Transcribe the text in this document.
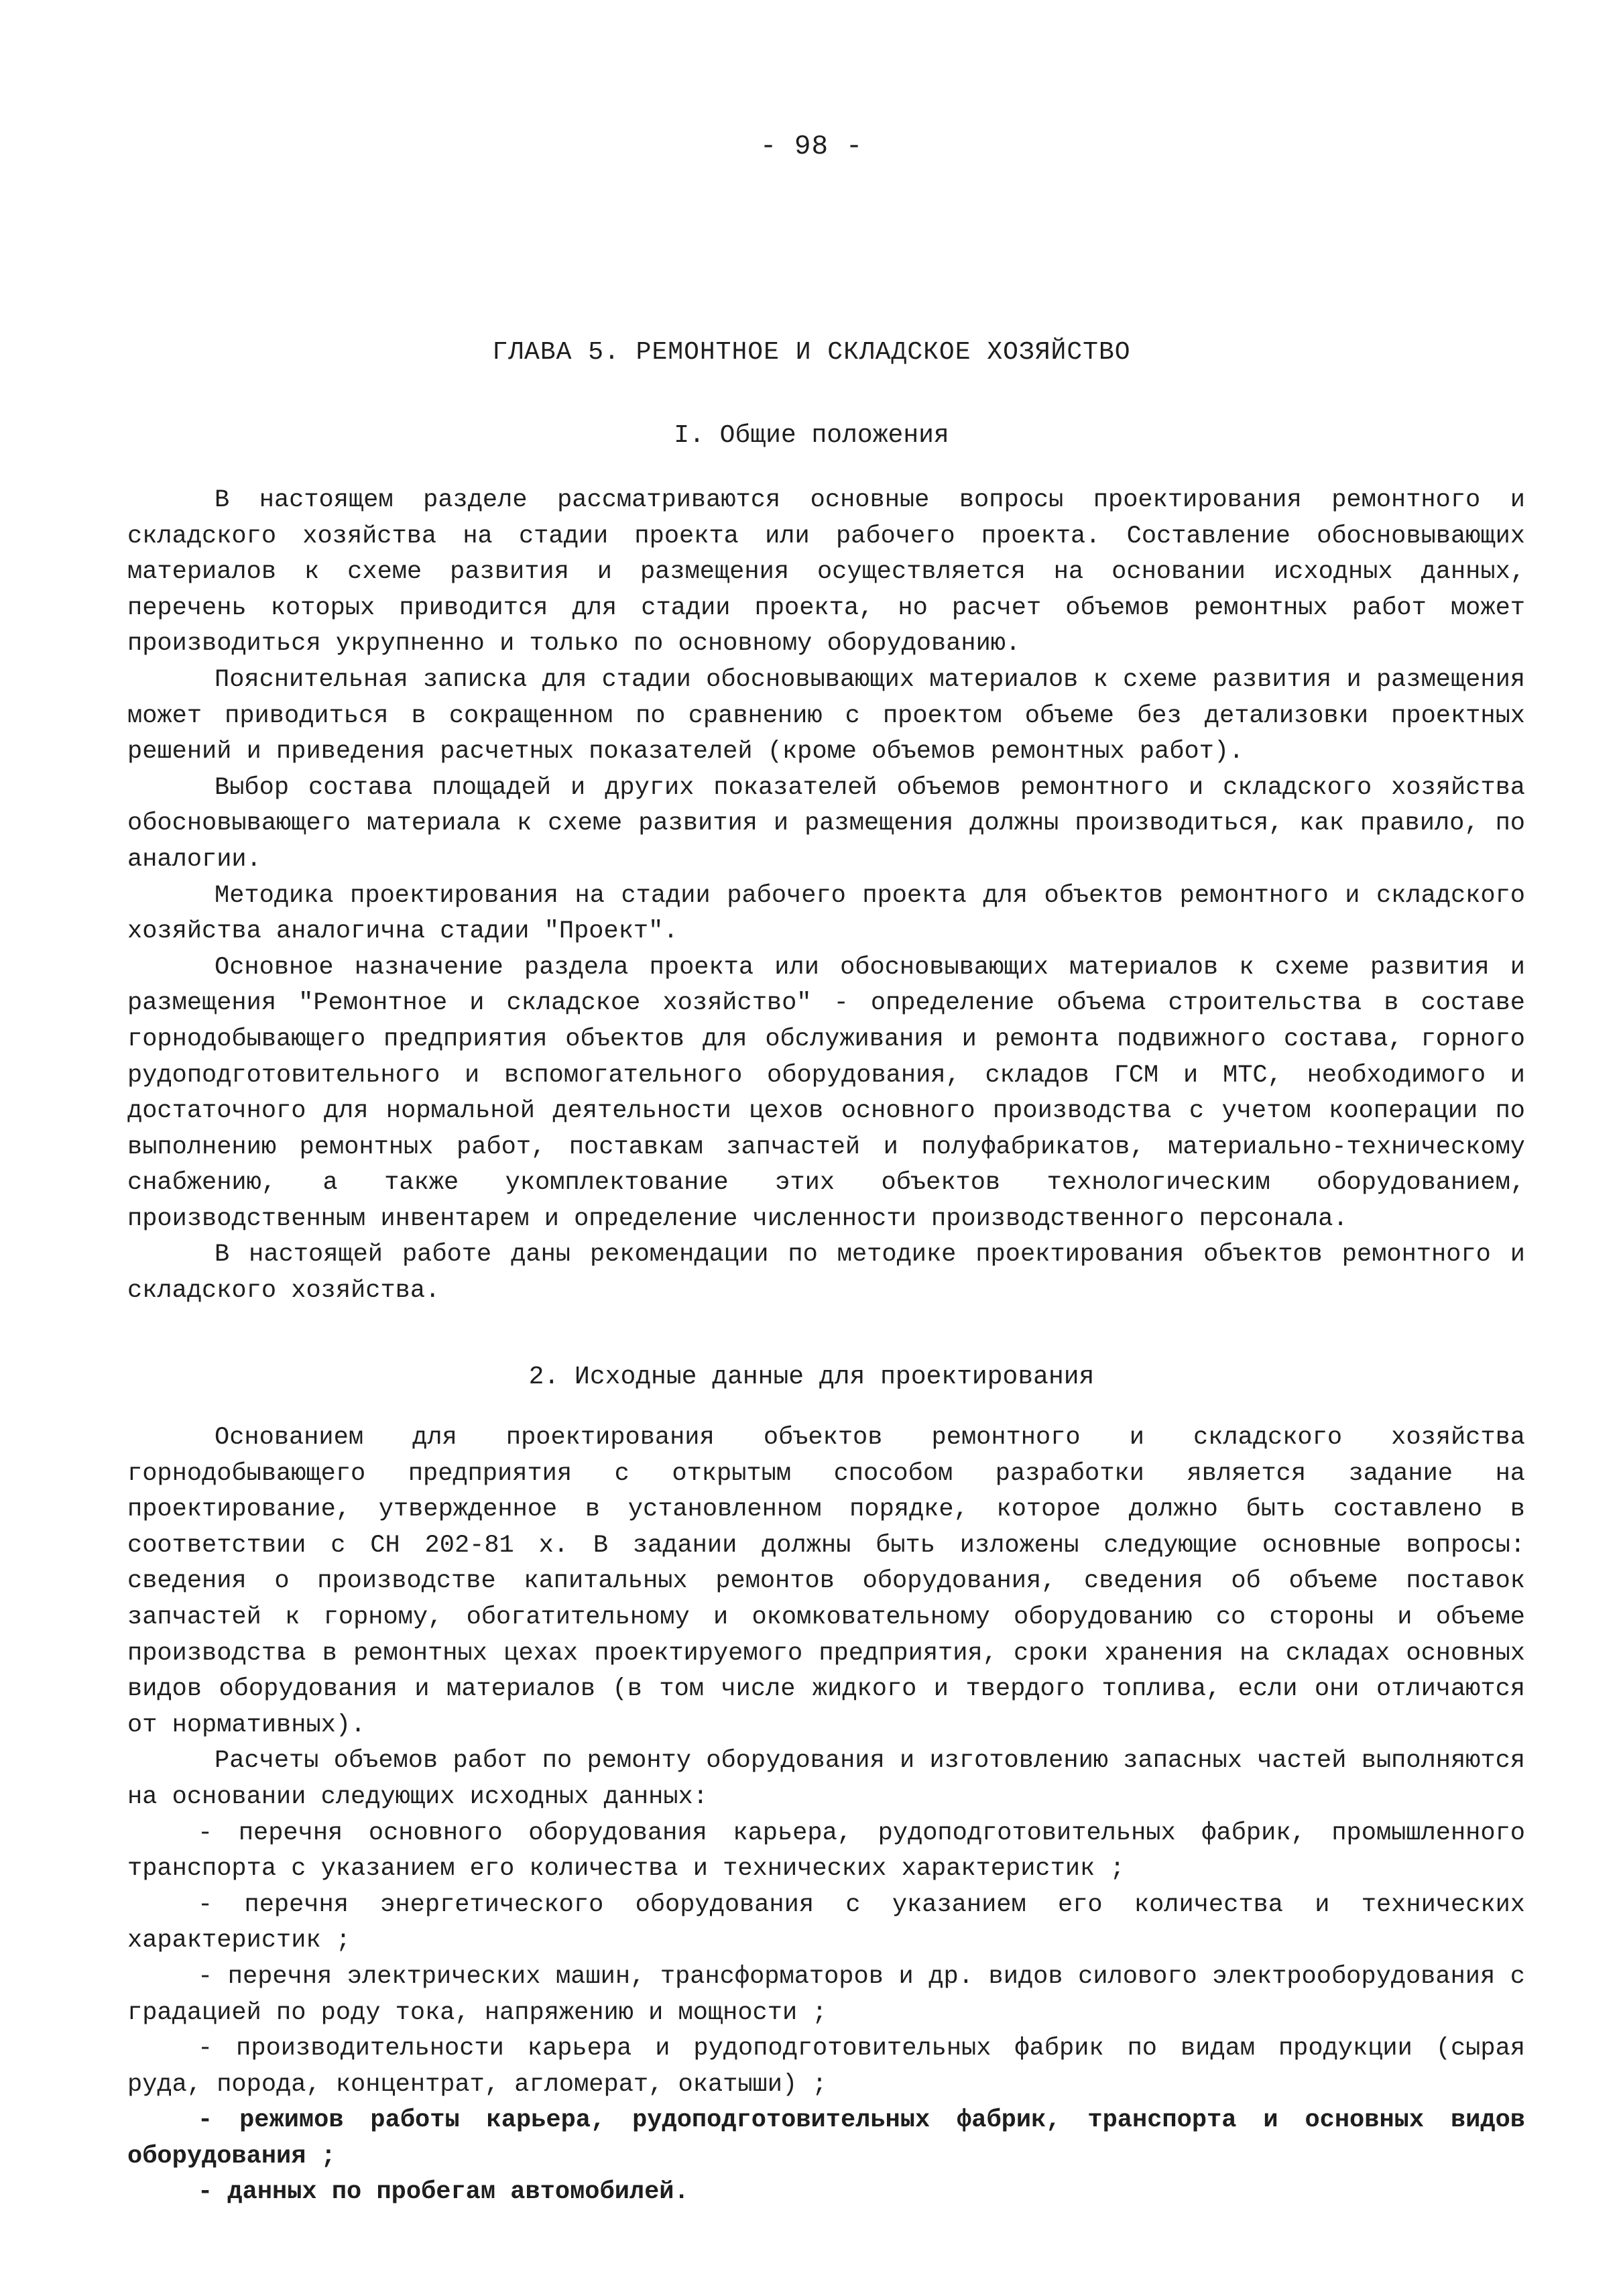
- 98 -
ГЛАВА 5. РЕМОНТНОЕ И СКЛАДСКОЕ ХОЗЯЙСТВО
I. Общие положения

В настоящем разделе рассматриваются основные вопросы проектирования ремонтного и складского хозяйства на стадии проекта или рабочего проекта. Составление обосновывающих материалов к схеме развития и размещения осуществляется на основании исходных данных, перечень которых приводится для стадии проекта, но расчет объемов ремонтных работ может производиться укрупненно и только по основному оборудованию.

Пояснительная записка для стадии обосновывающих материалов к схеме развития и размещения может приводиться в сокращенном по сравнению с проектом объеме без детализовки проектных решений и приведения расчетных показателей (кроме объемов ремонтных работ).

Выбор состава площадей и других показателей объемов ремонтного и складского хозяйства обосновывающего материала к схеме развития и размещения должны производиться, как правило, по аналогии.

Методика проектирования на стадии рабочего проекта для объектов ремонтного и складского хозяйства аналогична стадии "Проект".

Основное назначение раздела проекта или обосновывающих материалов к схеме развития и размещения "Ремонтное и складское хозяйство" - определение объема строительства в составе горнодобывающего предприятия объектов для обслуживания и ремонта подвижного состава, горного рудоподготовительного и вспомогательного оборудования, складов ГСМ и МТС, необходимого и достаточного для нормальной деятельности цехов основного производства с учетом кооперации по выполнению ремонтных работ, поставкам запчастей и полуфабрикатов, материально-техническому снабжению, а также укомплектование этих объектов технологическим оборудованием, производственным инвентарем и определение численности производственного персонала.

В настоящей работе даны рекомендации по методике проектирования объектов ремонтного и складского хозяйства.

2. Исходные данные для проектирования

Основанием для проектирования объектов ремонтного и складского хозяйства горнодобывающего предприятия с открытым способом разработки является задание на проектирование, утвержденное в установленном порядке, которое должно быть составлено в соответствии с СН 202-81 х. В задании должны быть изложены следующие основные вопросы: сведения о производстве капитальных ремонтов оборудования, сведения об объеме поставок запчастей к горному, обогатительному и окомковательному оборудованию со стороны и объеме производства в ремонтных цехах проектируемого предприятия, сроки хранения на складах основных видов оборудования и материалов (в том числе жидкого и твердого топлива, если они отличаются от нормативных).

Расчеты объемов работ по ремонту оборудования и изготовлению запасных частей выполняются на основании следующих исходных данных:

- перечня основного оборудования карьера, рудоподготовительных фабрик, промышленного транспорта с указанием его количества и технических характеристик ;

- перечня энергетического оборудования с указанием его количества и технических характеристик ;

- перечня электрических машин, трансформаторов и др. видов силового электрооборудования с градацией по роду тока, напряжению и мощности ;

- производительности карьера и рудоподготовительных фабрик по видам продукции (сырая руда, порода, концентрат, агломерат, окатыши) ;

- режимов работы карьера, рудоподготовительных фабрик, транспорта и основных видов оборудования ;

- данных по пробегам автомобилей.
